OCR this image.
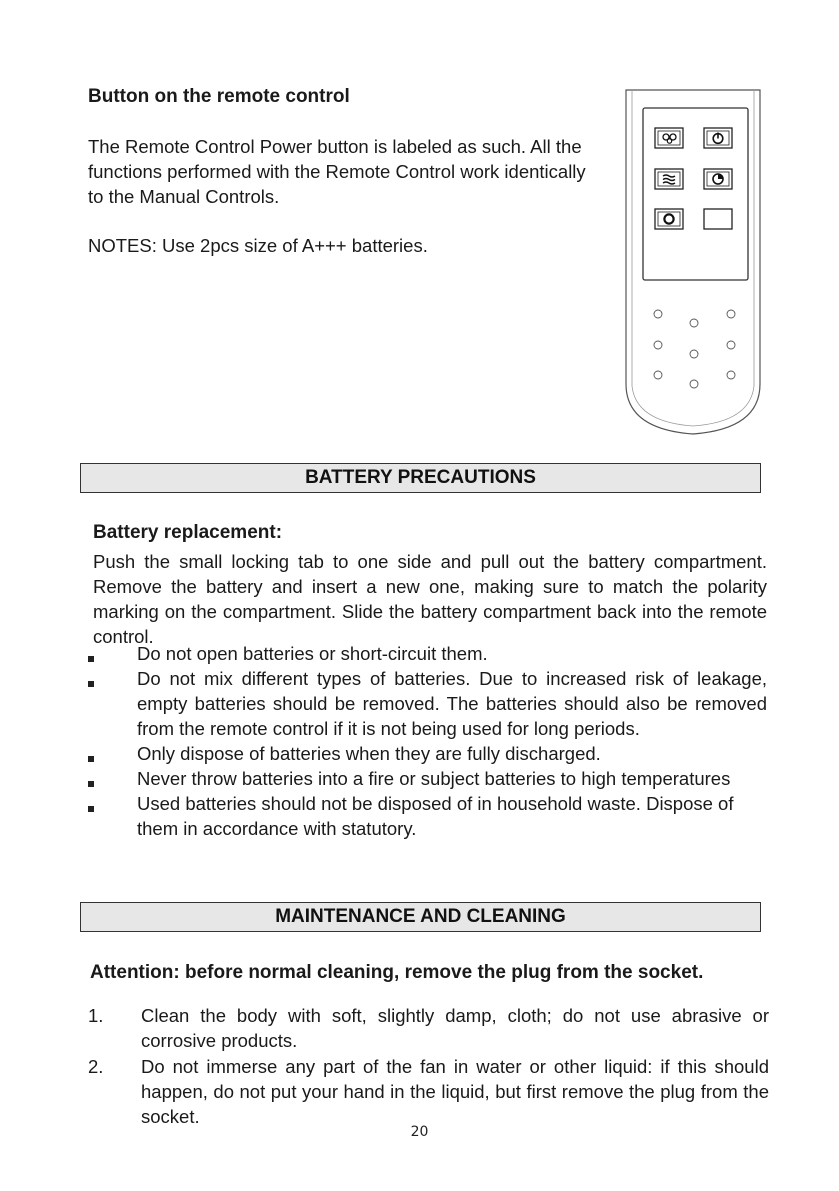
Button on the remote control
The Remote Control Power button is labeled as such. All the functions performed with the Remote Control work identically to the Manual Controls.
NOTES: Use 2pcs size of A+++ batteries.
BATTERY PRECAUTIONS
Battery replacement:
Push the small locking tab to one side and pull out the battery compartment. Remove the battery and insert a new one, making sure to match the polarity marking on the compartment. Slide the battery compartment back into the remote control.
Do not open batteries or short-circuit them.
Do not mix different types of batteries. Due to increased risk of leakage, empty batteries should be removed. The batteries should also be removed from the remote control if it is not being used for long periods.
Only dispose of batteries when they are fully discharged.
Never throw batteries into a fire or subject batteries to high temperatures
Used batteries should not be disposed of in household waste. Dispose of them in accordance with statutory.
MAINTENANCE AND CLEANING
Attention: before normal cleaning, remove the plug from the socket.
1. Clean the body with soft, slightly damp, cloth; do not use abrasive or corrosive products.
2. Do not immerse any part of the fan in water or other liquid: if this should happen, do not put your hand in the liquid, but first remove the plug from the socket.
20
